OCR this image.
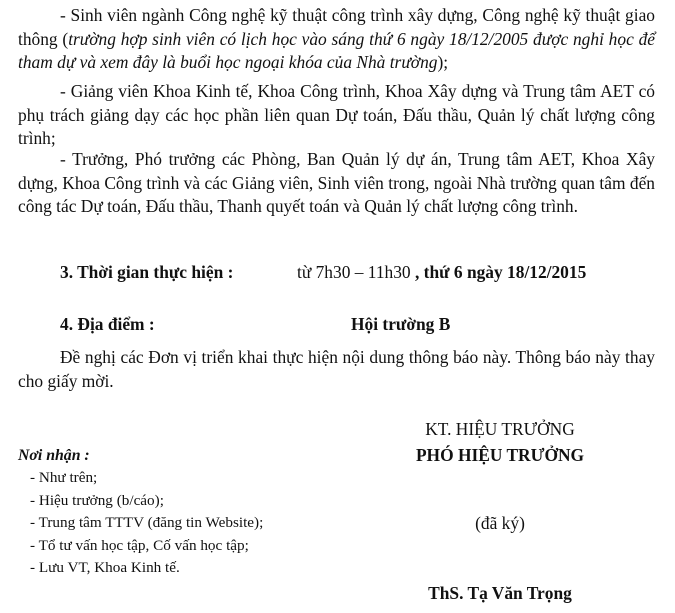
- Sinh viên ngành Công nghệ kỹ thuật công trình xây dựng, Công nghệ kỹ thuật giao thông (trường hợp sinh viên có lịch học vào sáng thứ 6 ngày 18/12/2005 được nghỉ học để tham dự và xem đây là buổi học ngoại khóa của Nhà trường);

- Giảng viên Khoa Kinh tế, Khoa Công trình, Khoa Xây dựng và Trung tâm AET có phụ trách giảng dạy các học phần liên quan Dự toán, Đấu thầu, Quản lý chất lượng công trình;

- Trưởng, Phó trưởng các Phòng, Ban Quản lý dự án, Trung tâm AET, Khoa Xây dựng, Khoa Công trình và các Giảng viên, Sinh viên trong, ngoài Nhà trường quan tâm đến công tác Dự toán, Đấu thầu, Thanh quyết toán và Quản lý chất lượng công trình.

3. Thời gian thực hiện :	từ 7h30 – 11h30 , thứ 6 ngày 18/12/2015

4. Địa điểm :	Hội trường B

Đề nghị các Đơn vị triển khai thực hiện nội dung thông báo này. Thông báo này thay cho giấy mời.

KT. HIỆU TRƯỞNG
PHÓ HIỆU TRƯỞNG
(đã ký)
ThS. Tạ Văn Trọng
Nơi nhận :
- Như trên;
- Hiệu trưởng (b/cáo);
- Trung tâm TTTV (đăng tin Website);
- Tổ tư vấn học tập, Cố vấn học tập;
- Lưu VT, Khoa Kinh tế.
